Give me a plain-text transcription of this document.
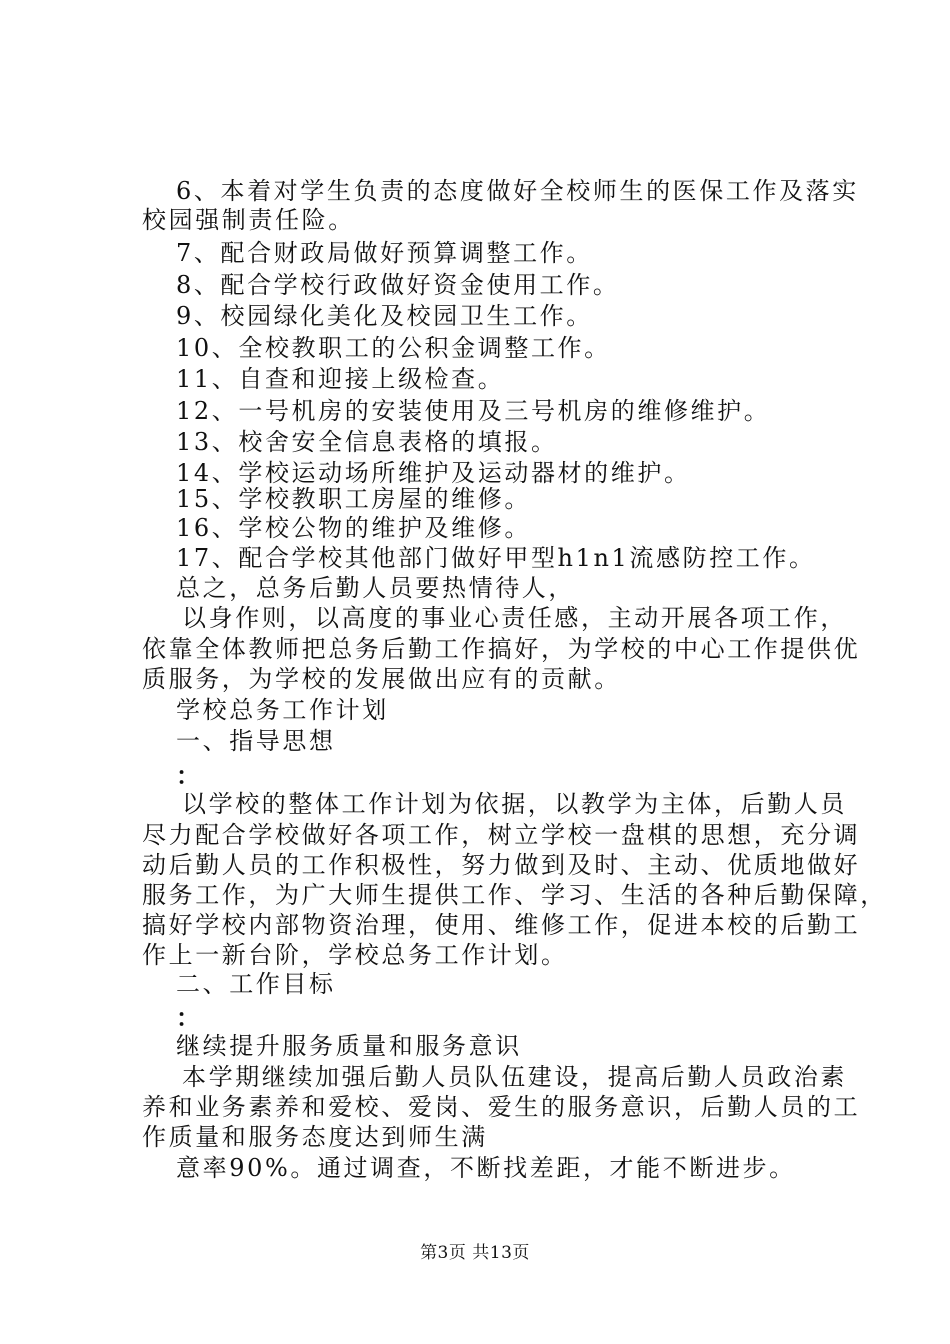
6、本着对学生负责的态度做好全校师生的医保工作及落实
校园强制责任险。
7、配合财政局做好预算调整工作。
8、配合学校行政做好资金使用工作。
9、校园绿化美化及校园卫生工作。
10、全校教职工的公积金调整工作。
11、自查和迎接上级检查。
12、一号机房的安装使用及三号机房的维修维护。
13、校舍安全信息表格的填报。
14、学校运动场所维护及运动器材的维护。
15、学校教职工房屋的维修。
16、学校公物的维护及维修。
17、配合学校其他部门做好甲型h1n1流感防控工作。
总之，总务后勤人员要热情待人，
以身作则，以高度的事业心责任感，主动开展各项工作，
依靠全体教师把总务后勤工作搞好，为学校的中心工作提供优
质服务，为学校的发展做出应有的贡献。
学校总务工作计划
一、指导思想
：
以学校的整体工作计划为依据，以教学为主体，后勤人员
尽力配合学校做好各项工作，树立学校一盘棋的思想，充分调
动后勤人员的工作积极性，努力做到及时、主动、优质地做好
服务工作，为广大师生提供工作、学习、生活的各种后勤保障，
搞好学校内部物资治理，使用、维修工作，促进本校的后勤工
作上一新台阶，学校总务工作计划。
二、工作目标
：
继续提升服务质量和服务意识
本学期继续加强后勤人员队伍建设，提高后勤人员政治素
养和业务素养和爱校、爱岗、爱生的服务意识，后勤人员的工
作质量和服务态度达到师生满
意率90%。通过调查，不断找差距，才能不断进步。
第3页 共13页
